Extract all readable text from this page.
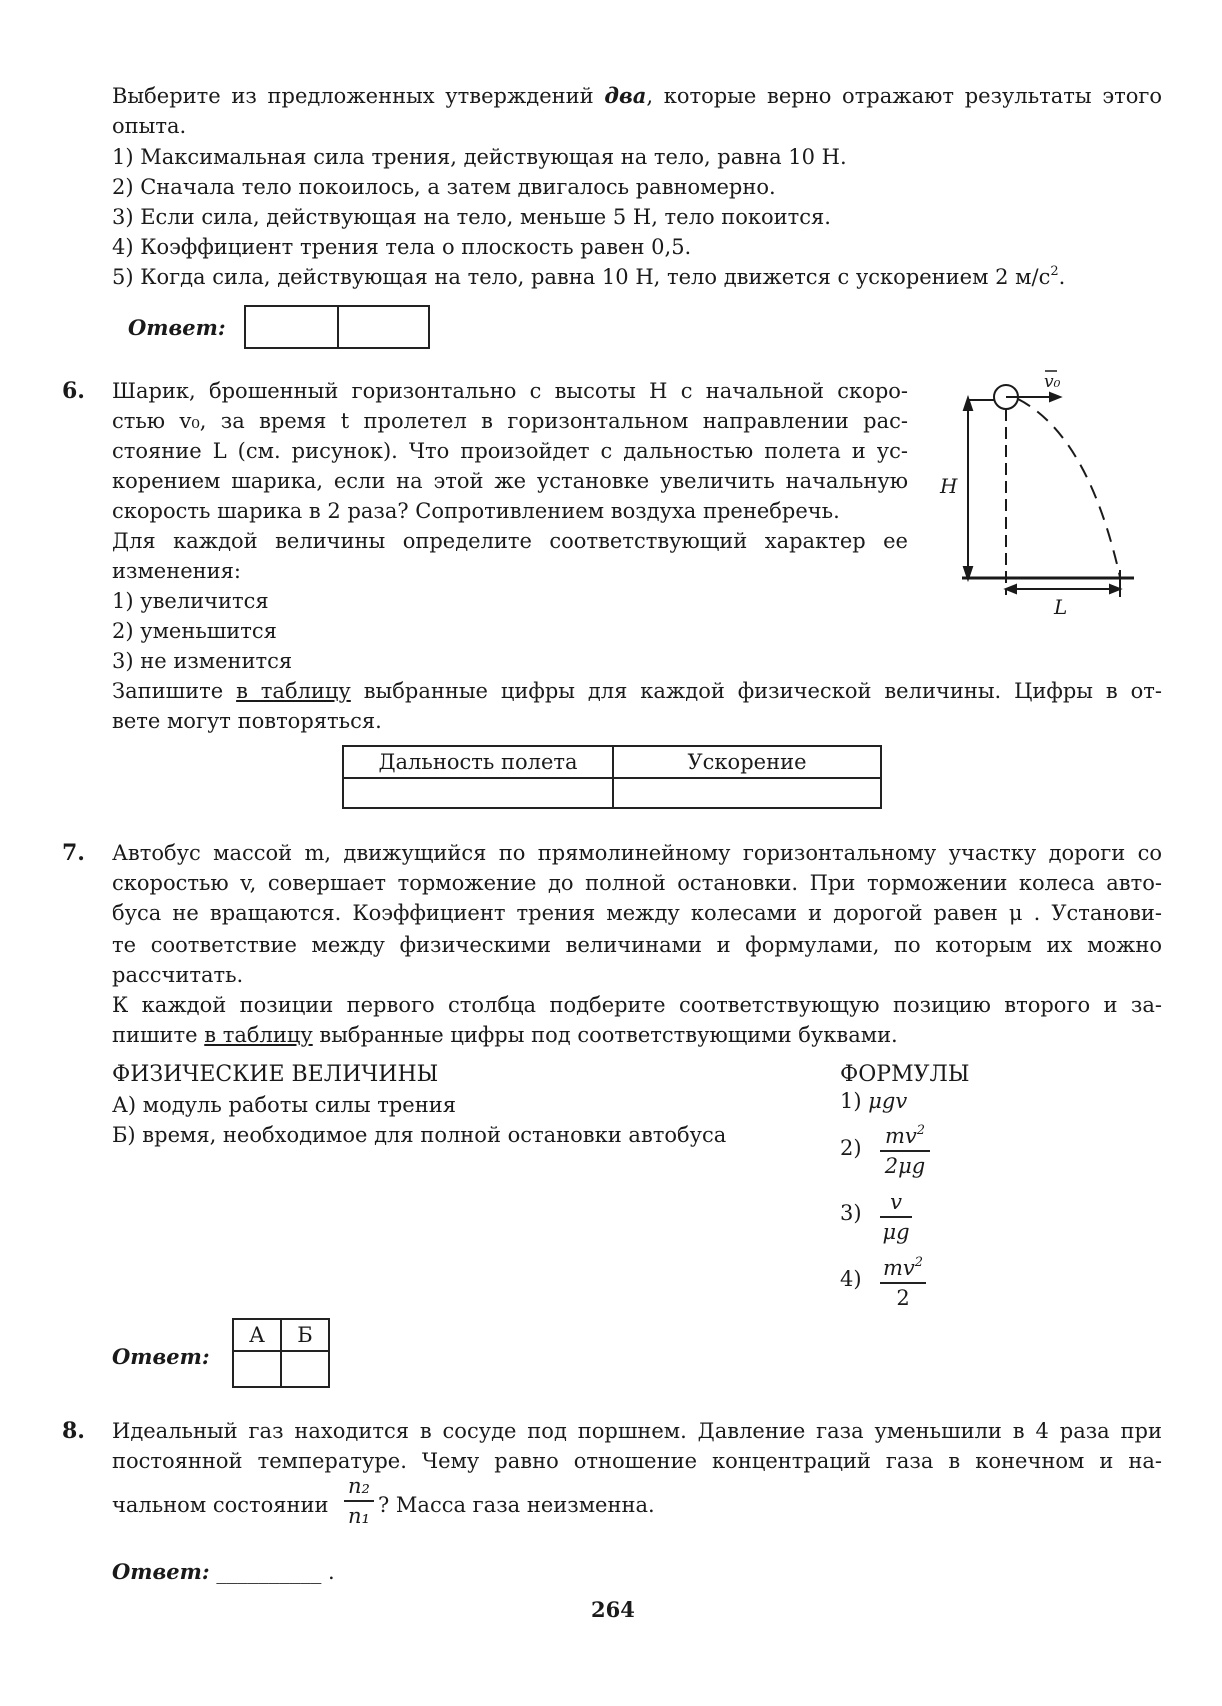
Выберите из предложенных утверждений два, которые верно отражают результаты этого
опыта.
1) Максимальная сила трения, действующая на тело, равна 10 Н.
2) Сначала тело покоилось, а затем двигалось равномерно.
3) Если сила, действующая на тело, меньше 5 Н, тело покоится.
4) Коэффициент трения тела о плоскость равен 0,5.
5) Когда сила, действующая на тело, равна 10 Н, тело движется с ускорением 2 $м/с^2$.
Ответ:
6. Шарик, брошенный горизонтально с высоты H с начальной скоро-
стью v₀, за время t пролетел в горизонтальном направлении рас-
стояние L (см. рисунок). Что произойдет с дальностью полета и ус-
корением шарика, если на этой же установке увеличить начальную
скорость шарика в 2 раза? Сопротивлением воздуха пренебречь.
Для каждой величины определите соответствующий характер ее
изменения:
1) увеличится
2) уменьшится
3) не изменится
Запишите в таблицу выбранные цифры для каждой физической величины. Цифры в от-
вете могут повторяться.
Дальность полета	Ускорение

H
L
v₀
7. Автобус массой m, движущийся по прямолинейному горизонтальному участку дороги со
скоростью v, совершает торможение до полной остановки. При торможении колеса авто-
буса не вращаются. Коэффициент трения между колесами и дорогой равен μ . Установи-
те соответствие между физическими величинами и формулами, по которым их можно
рассчитать.
К каждой позиции первого столбца подберите соответствующую позицию второго и за-
пишите в таблицу выбранные цифры под соответствующими буквами.
ФИЗИЧЕСКИЕ ВЕЛИЧИНЫ	ФОРМУЛЫ
А) модуль работы силы трения
Б) время, необходимое для полной остановки автобуса
1) μgv
2) $mv^2$
2μg
3)	v
μg
4) $mv^2$
2
Ответ:
А	Б

8. Идеальный газ находится в сосуде под поршнем. Давление газа уменьшили в 4 раза при
постоянной температуре. Чему равно отношение концентраций газа в конечном и на-
чальном состоянии
n₂
n₁ ? Масса газа неизменна.
Ответ: __________ .
264
